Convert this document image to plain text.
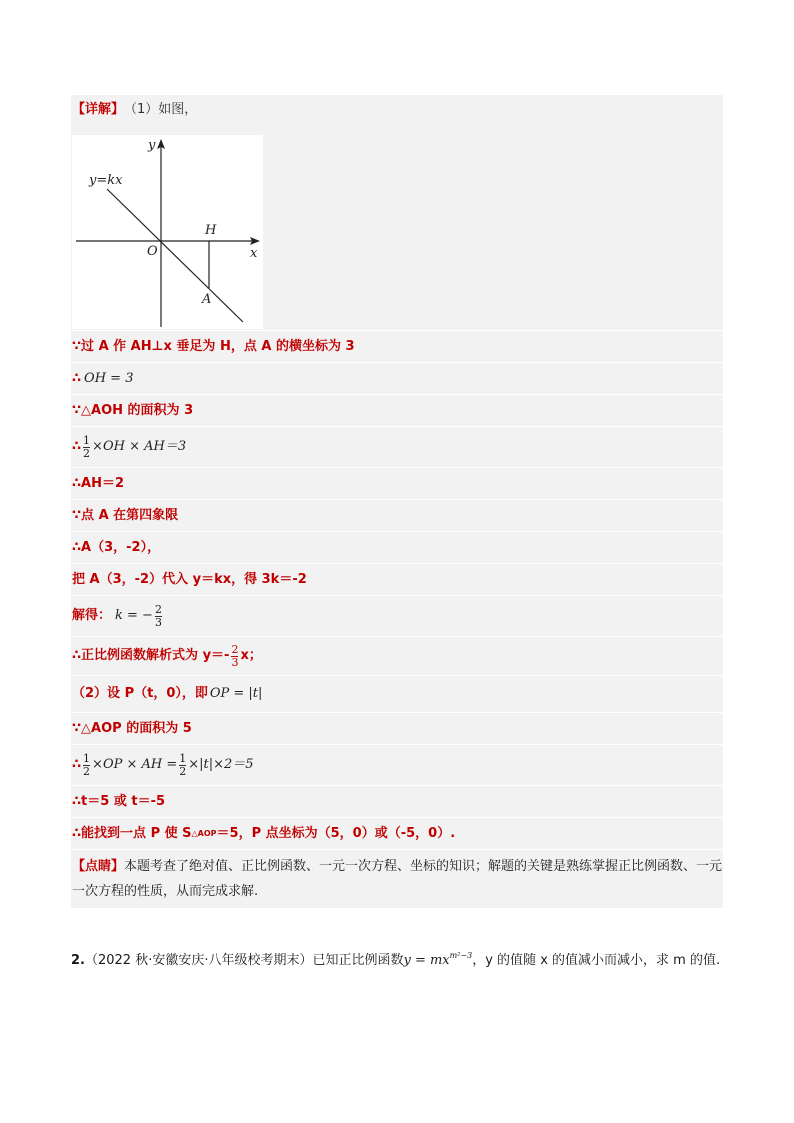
【详解】 （1）如图，
O
y
x
y=kx
H
A
∵过 A 作 AH⊥x 垂足为 H，点 A 的横坐标为 3
∴ OH = 3
∵△AOH 的面积为 3
∴ $\frac{1}{2} \times OH \times AH=3$
∴AH＝2
∵点 A 在第四象限
∴A（3，-2），
把 A（3，-2）代入 y＝kx，得 3k＝-2
解得： k = − $\frac{2}{3}$
∴正比例函数解析式为 $y=- \frac{2}{3}$ x；
（2）设 P（t，0），即 OP = |t|
∵△AOP 的面积为 5
∴ $\frac{1}{2} \times OP$ × AH = $\frac{1}{2} \times|t|\times 2=5$
∴t＝5 或 t＝-5
∴能找到一点 P 使 S △AOP ＝5 ，P 点坐标为（5，0）或（-5，0）.
【点睛】本题考查了绝对值、正比例函数、一元一次方程、坐标的知识；解题的关键是熟练掌握正比例函数、一元一次方程的性质，从而完成求解.
2.（2022 秋·安徽安庆·八年级校考期末）已知正比例函数$y = mx^{m^2-3}$，y 的值随 x 的值减小而减小，求 m 的值.
